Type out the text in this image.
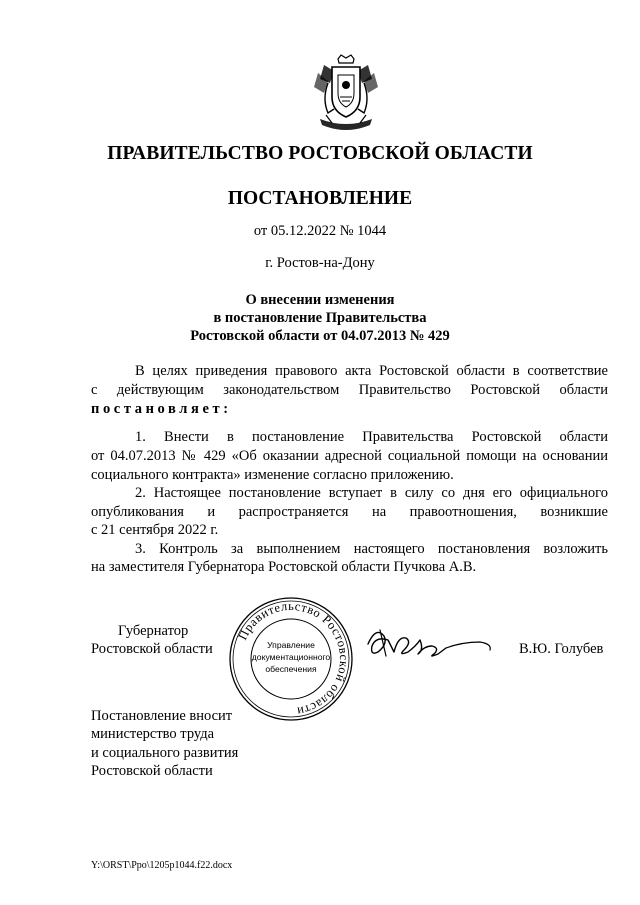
ПРАВИТЕЛЬСТВО РОСТОВСКОЙ ОБЛАСТИ
ПОСТАНОВЛЕНИЕ
от 05.12.2022 № 1044
г. Ростов-на-Дону
О внесении изменения
в постановление Правительства
Ростовской области от 04.07.2013 № 429
В целях приведения правового акта Ростовской области в соответствие
с действующим законодательством Правительство Ростовской области
постановляет:
1. Внести в постановление Правительства Ростовской области
от 04.07.2013 № 429 «Об оказании адресной социальной помощи на основании
социального контракта» изменение согласно приложению.
2. Настоящее постановление вступает в силу со дня его официального
опубликования и распространяется на правоотношения, возникшие
с 21 сентября 2022 г.
3. Контроль за выполнением настоящего постановления возложить
на заместителя Губернатора Ростовской области Пучкова А.В.
Губернатор
Ростовской области
Правительство Ростовской области
Управление
документационного
обеспечения
В.Ю. Голубев
Постановление вносит
министерство труда
и социального развития
Ростовской области
Y:\ORST\Ppo\1205p1044.f22.docx
